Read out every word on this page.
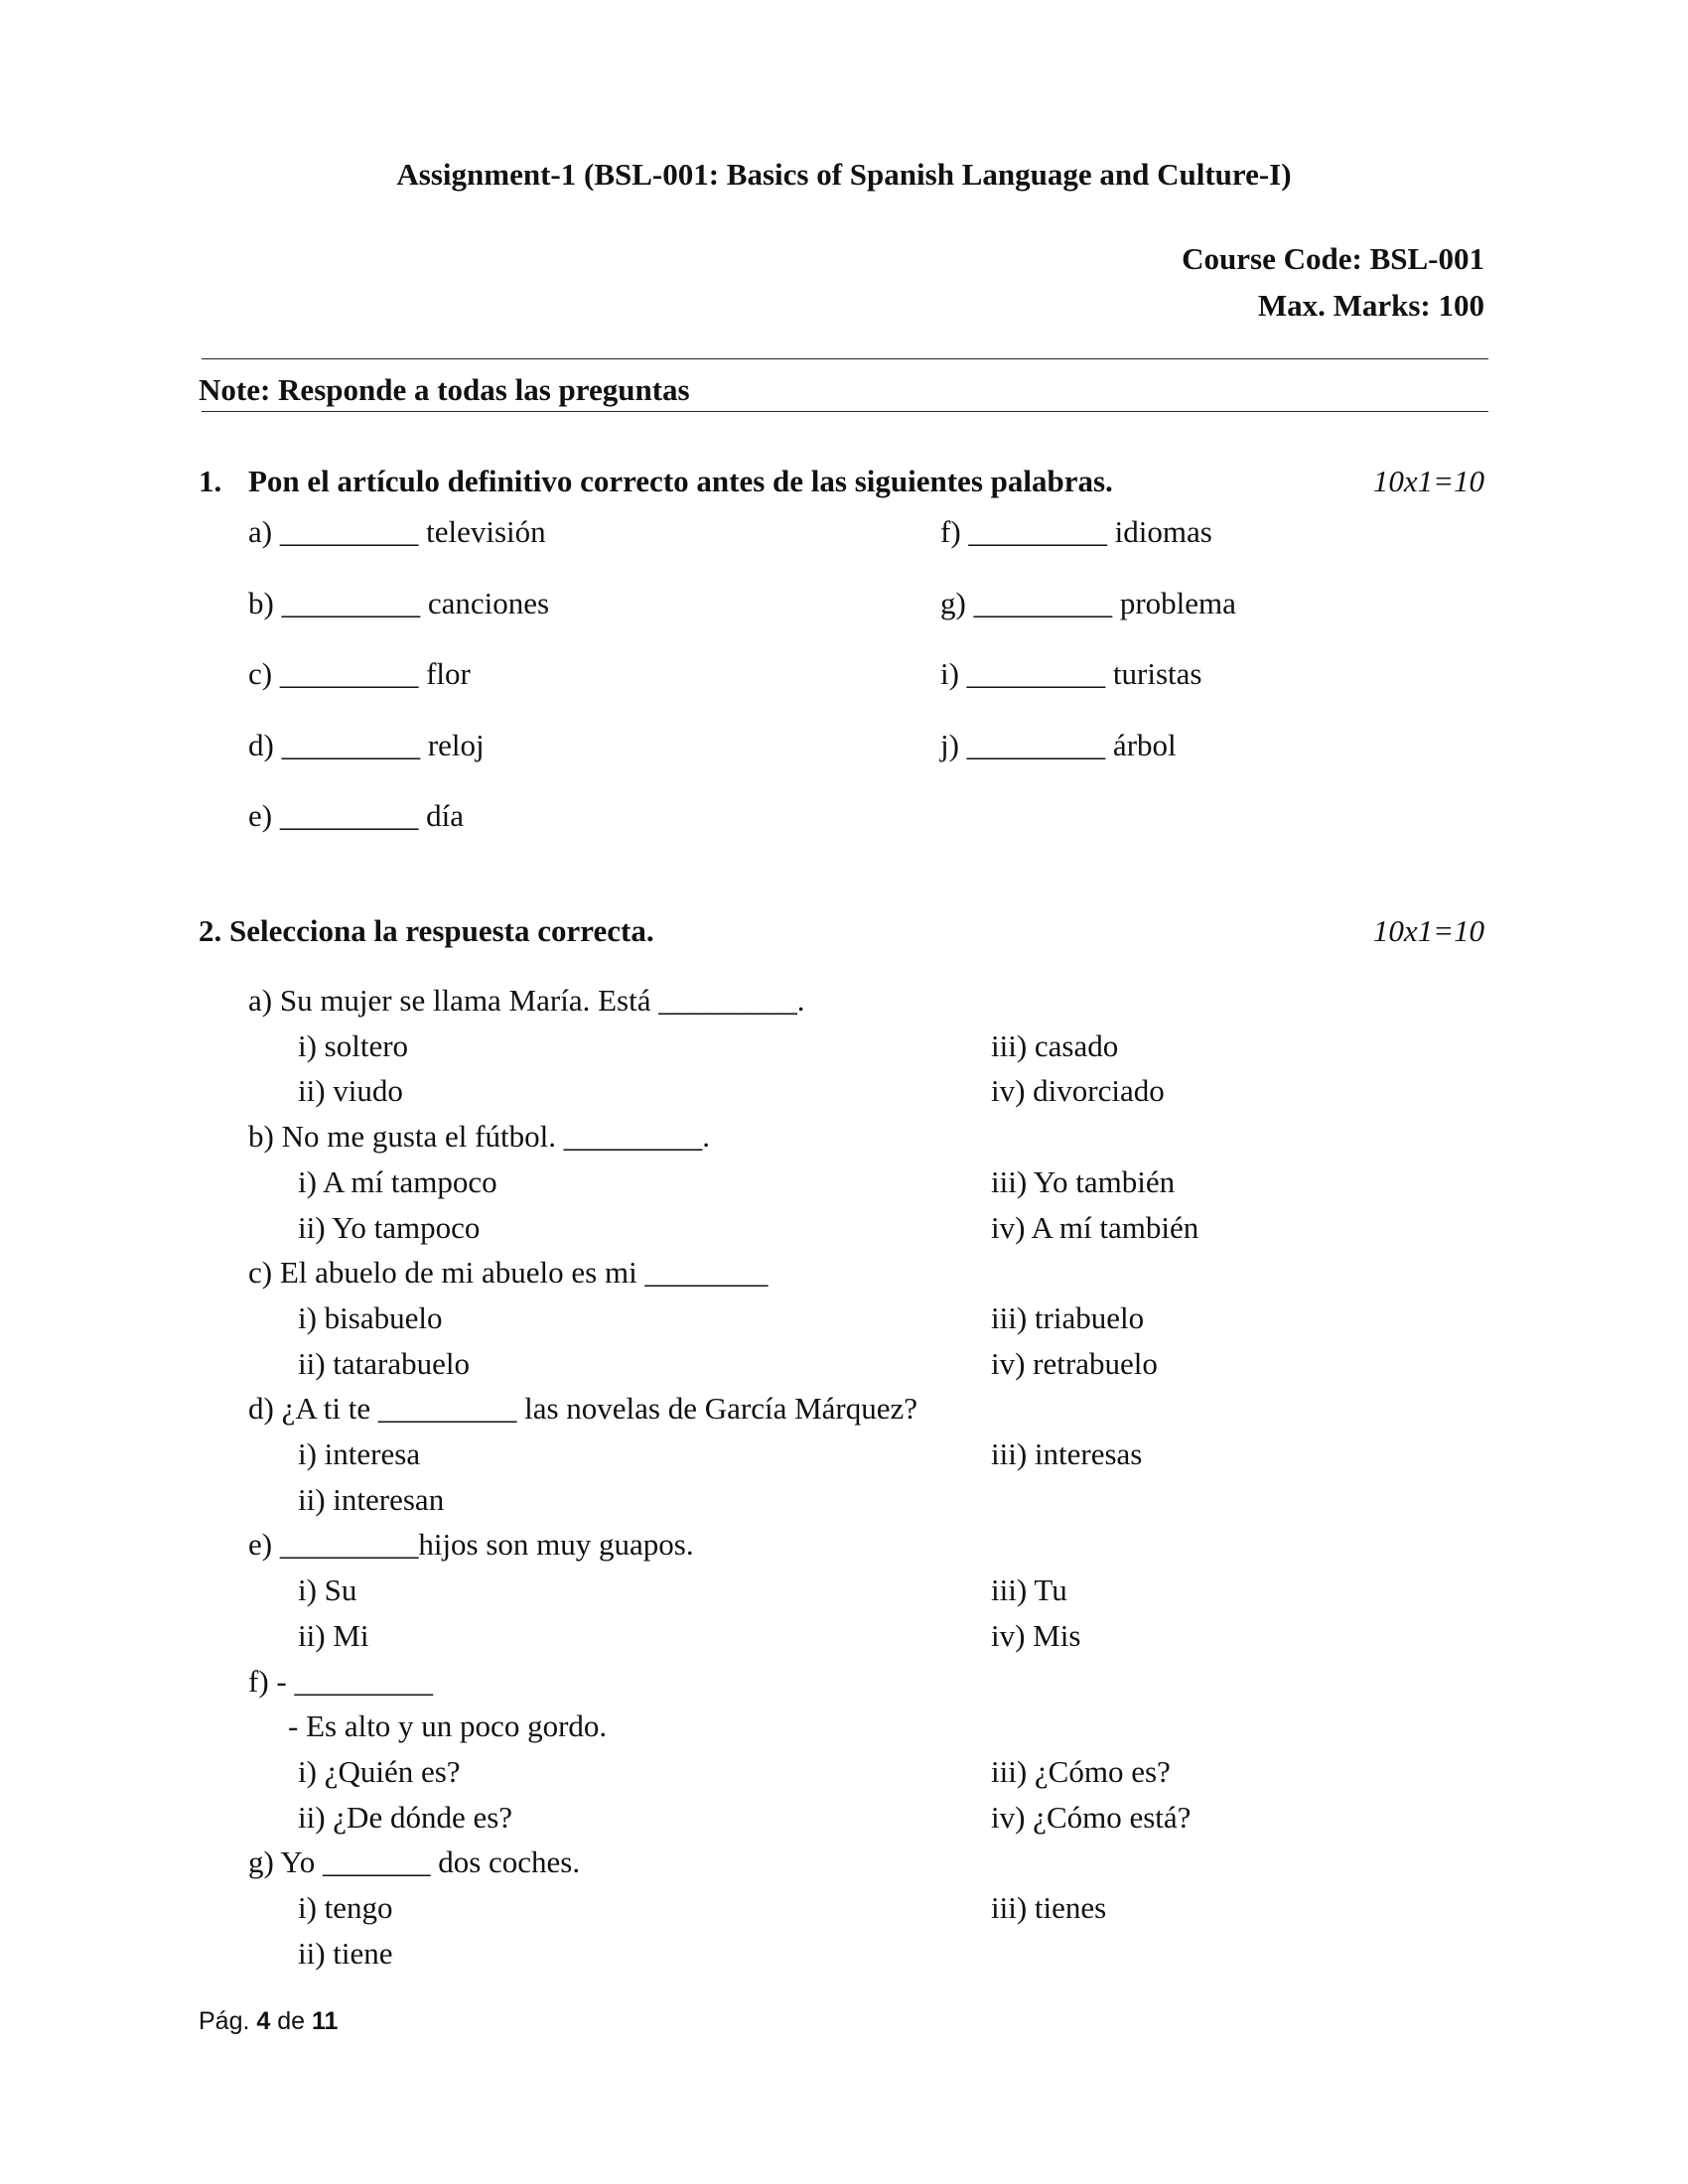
Assignment-1 (BSL-001: Basics of Spanish Language and Culture-I)
Course Code: BSL-001
Max. Marks: 100
Note: Responde a todas las preguntas
1. Pon el artículo definitivo correcto antes de las siguientes palabras.	10x1=10
a) _________ televisión
b) _________ canciones
c) _________ flor
d) _________ reloj
e) _________ día
f) _________ idiomas
g) _________ problema
i) _________ turistas
j) _________ árbol
2. Selecciona la respuesta correcta.	10x1=10
a) Su mujer se llama María. Está _________.
i) soltero	iii) casado
ii) viudo	iv) divorciado
b) No me gusta el fútbol. _________.
i) A mí tampoco	iii) Yo también
ii) Yo tampoco	iv) A mí también
c) El abuelo de mi abuelo es mi ________
i) bisabuelo	iii) triabuelo
ii) tatarabuelo	iv) retrabuelo
d) ¿A ti te _________ las novelas de García Márquez?
i) interesa	iii) interesas
ii) interesan
e) _________hijos son muy guapos.
i) Su	iii) Tu
ii) Mi	iv) Mis
f) - _________
- Es alto y un poco gordo.
i) ¿Quién es?	iii) ¿Cómo es?
ii) ¿De dónde es?	iv) ¿Cómo está?
g) Yo _______ dos coches.
i) tengo	iii) tienes
ii) tiene
Pág. 4 de 11
